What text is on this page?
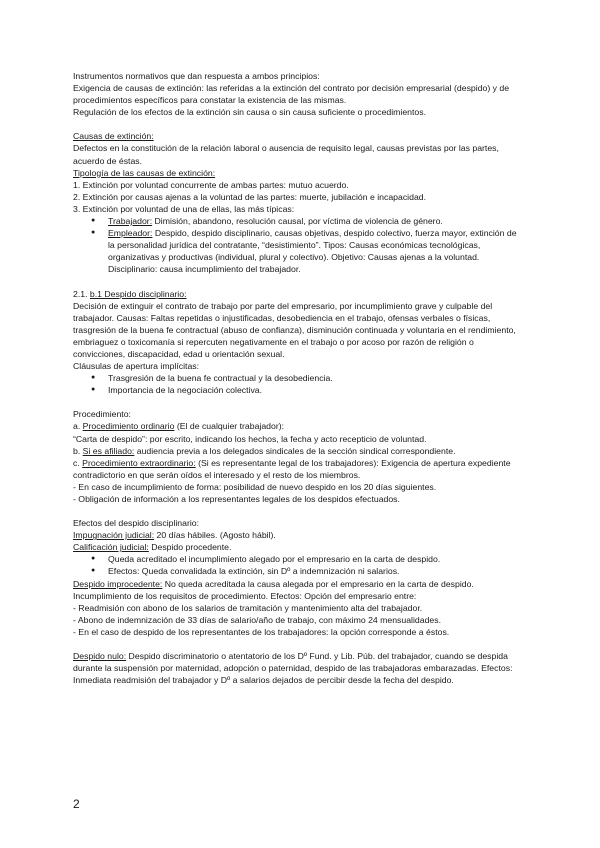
Instrumentos normativos que dan respuesta a ambos principios:

Exigencia de causas de extinción: las referidas a la extinción del contrato por decisión empresarial (despido) y de procedimientos específicos para constatar la existencia de las mismas.

Regulación de los efectos de la extinción sin causa o sin causa suficiente o procedimientos.

Causas de extinción:

Defectos en la constitución de la relación laboral o ausencia de requisito legal, causas previstas por las partes, acuerdo de éstas.

Tipología de las causas de extinción:

1. Extinción por voluntad concurrente de ambas partes: mutuo acuerdo.

2. Extinción por causas ajenas a la voluntad de las partes: muerte, jubilación e incapacidad.

3. Extinción por voluntad de una de ellas, las más típicas:

● Trabajador: Dimisión, abandono, resolución causal, por víctima de violencia de género.
● Empleador: Despido, despido disciplinario, causas objetivas, despido colectivo, fuerza mayor, extinción de la personalidad jurídica del contratante, “desistimiento”. Tipos: Causas económicas tecnológicas, organizativas y productivas (individual, plural y colectivo). Objetivo: Causas ajenas a la voluntad. Disciplinario: causa incumplimiento del trabajador.

2.1. b.1 Despido disciplinario:

Decisión de extinguir el contrato de trabajo por parte del empresario, por incumplimiento grave y culpable del trabajador. Causas: Faltas repetidas o injustificadas, desobediencia en el trabajo, ofensas verbales o físicas, trasgresión de la buena fe contractual (abuso de confianza), disminución continuada y voluntaria en el rendimiento, embriaguez o toxicomanía si repercuten negativamente en el trabajo o por acoso por razón de religión o convicciones, discapacidad, edad u orientación sexual.

Cláusulas de apertura implícitas:

● Trasgresión de la buena fe contractual y la desobediencia.
● Importancia de la negociación colectiva.

Procedimiento:

a. Procedimiento ordinario (El de cualquier trabajador):

“Carta de despido”: por escrito, indicando los hechos, la fecha y acto recepticio de voluntad.

b. Si es afiliado: audiencia previa a los delegados sindicales de la sección sindical correspondiente.

c. Procedimiento extraordinario: (Si es representante legal de los trabajadores): Exigencia de apertura expediente contradictorio en que serán oídos el interesado y el resto de los miembros.

- En caso de incumplimiento de forma: posibilidad de nuevo despido en los 20 días siguientes.

- Obligación de información a los representantes legales de los despidos efectuados.

Efectos del despido disciplinario:

Impugnación judicial: 20 días hábiles. (Agosto hábil).

Calificación judicial: Despido procedente.

● Queda acreditado el incumplimiento alegado por el empresario en la carta de despido.
● Efectos: Queda convalidada la extinción, sin Dº a indemnización ni salarios.

Despido improcedente: No queda acreditada la causa alegada por el empresario en la carta de despido. Incumplimiento de los requisitos de procedimiento. Efectos: Opción del empresario entre:

- Readmisión con abono de los salarios de tramitación y mantenimiento alta del trabajador.

- Abono de indemnización de 33 días de salario/año de trabajo, con máximo 24 mensualidades.

- En el caso de despido de los representantes de los trabajadores: la opción corresponde a éstos.

Despido nulo: Despido discriminatorio o atentatorio de los Dº Fund. y Lib. Púb. del trabajador, cuando se despida durante la suspensión por maternidad, adopción o paternidad, despido de las trabajadoras embarazadas. Efectos: Inmediata readmisión del trabajador y Dº a salarios dejados de percibir desde la fecha del despido.

2
